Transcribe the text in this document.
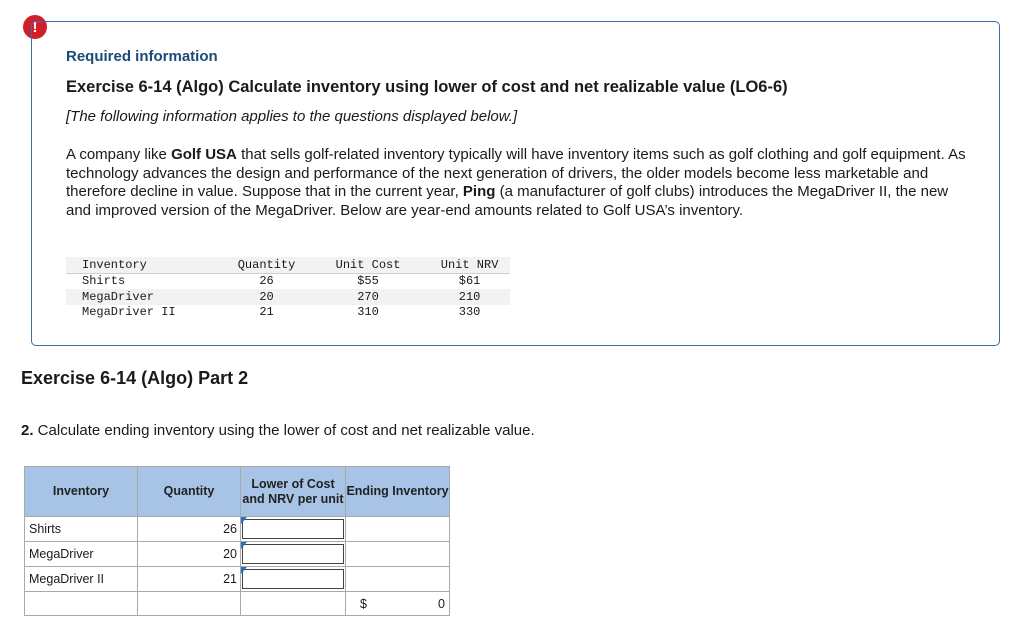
!
Required information
Exercise 6-14 (Algo) Calculate inventory using lower of cost and net realizable value (LO6-6)
[The following information applies to the questions displayed below.]
A company like Golf USA that sells golf-related inventory typically will have inventory items such as golf clothing and golf equipment. As technology advances the design and performance of the next generation of drivers, the older models become less marketable and therefore decline in value. Suppose that in the current year, Ping (a manufacturer of golf clubs) introduces the MegaDriver II, the new and improved version of the MegaDriver. Below are year-end amounts related to Golf USA’s inventory.
Inventory	Quantity	Unit Cost	Unit NRV
Shirts	26	$55	$61
MegaDriver	20	270	210
MegaDriver II	21	310	330
Exercise 6-14 (Algo) Part 2
2. Calculate ending inventory using the lower of cost and net realizable value.
Inventory	Quantity	Lower of Cost and NRV per unit	Ending Inventory
Shirts	26	

MegaDriver	20	

MegaDriver II	21	

			$ 0
